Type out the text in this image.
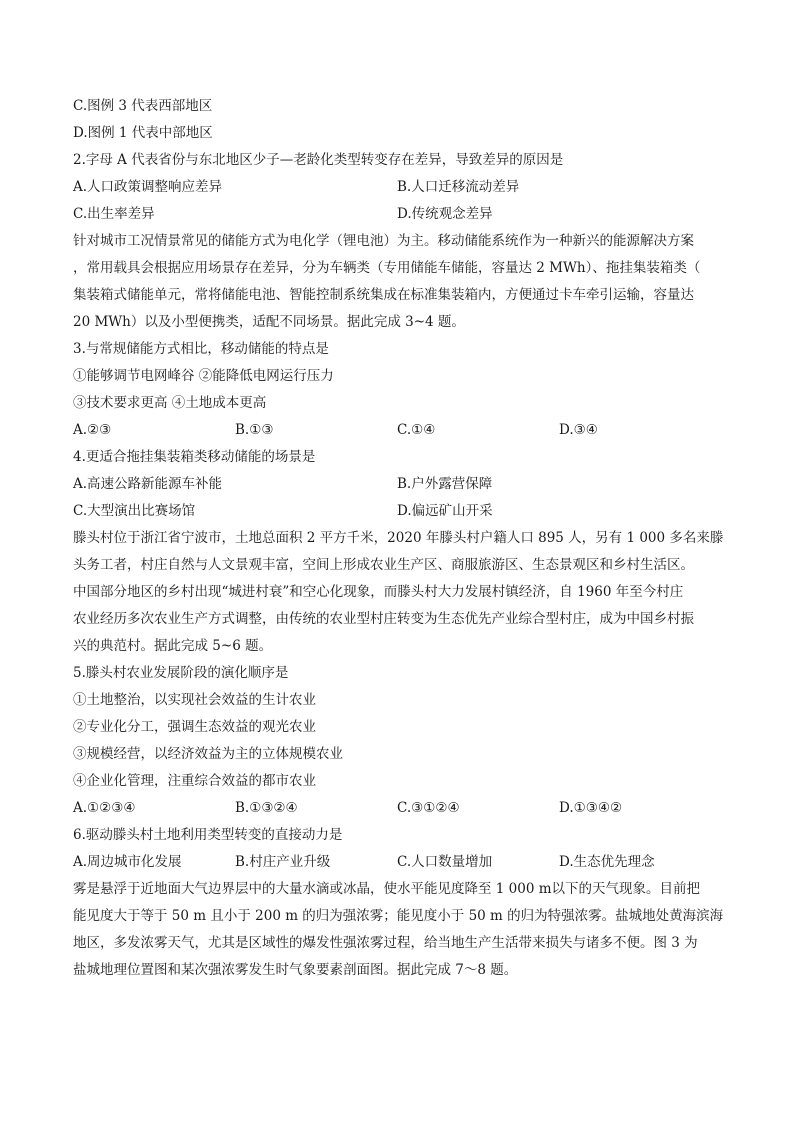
C.图例 3 代表西部地区
D.图例 1 代表中部地区
2.字母 A 代表省份与东北地区少子—老龄化类型转变存在差异，导致差异的原因是
A.人口政策调整响应差异	B.人口迁移流动差异
C.出生率差异	D.传统观念差异
针对城市工况情景常见的储能方式为电化学（锂电池）为主。移动储能系统作为一种新兴的能源解决方案
，常用载具会根据应用场景存在差异，分为车辆类（专用储能车储能，容量达 2 MWh）、拖挂集装箱类（
集装箱式储能单元，常将储能电池、智能控制系统集成在标准集装箱内，方便通过卡车牵引运输，容量达
20 MWh）以及小型便携类，适配不同场景。据此完成 3~4 题。
3.与常规储能方式相比，移动储能的特点是
①能够调节电网峰谷 ②能降低电网运行压力
③技术要求更高 ④土地成本更高
A.②③	B.①③	C.①④	D.③④
4.更适合拖挂集装箱类移动储能的场景是
A.高速公路新能源车补能	B.户外露营保障
C.大型演出比赛场馆	D.偏远矿山开采
滕头村位于浙江省宁波市，土地总面积 2 平方千米，2020 年滕头村户籍人口 895 人，另有 1 000 多名来滕
头务工者，村庄自然与人文景观丰富，空间上形成农业生产区、商服旅游区、生态景观区和乡村生活区。
中国部分地区的乡村出现“城进村衰”和空心化现象，而滕头村大力发展村镇经济，自 1960 年至今村庄
农业经历多次农业生产方式调整，由传统的农业型村庄转变为生态优先产业综合型村庄，成为中国乡村振
兴的典范村。据此完成 5~6 题。
5.滕头村农业发展阶段的演化顺序是
①土地整治，以实现社会效益的生计农业
②专业化分工，强调生态效益的观光农业
③规模经营，以经济效益为主的立体规模农业
④企业化管理，注重综合效益的都市农业
A.①②③④	B.①③②④	C.③①②④	D.①③④②
6.驱动滕头村土地利用类型转变的直接动力是
A.周边城市化发展	B.村庄产业升级	C.人口数量增加	D.生态优先理念
雾是悬浮于近地面大气边界层中的大量水滴或冰晶，使水平能见度降至 1 000 m以下的天气现象。目前把
能见度大于等于 50 m 且小于 200 m 的归为强浓雾；能见度小于 50 m 的归为特强浓雾。盐城地处黄海滨海
地区，多发浓雾天气，尤其是区域性的爆发性强浓雾过程，给当地生产生活带来损失与诸多不便。图 3 为
盐城地理位置图和某次强浓雾发生时气象要素剖面图。据此完成 7～8 题。
